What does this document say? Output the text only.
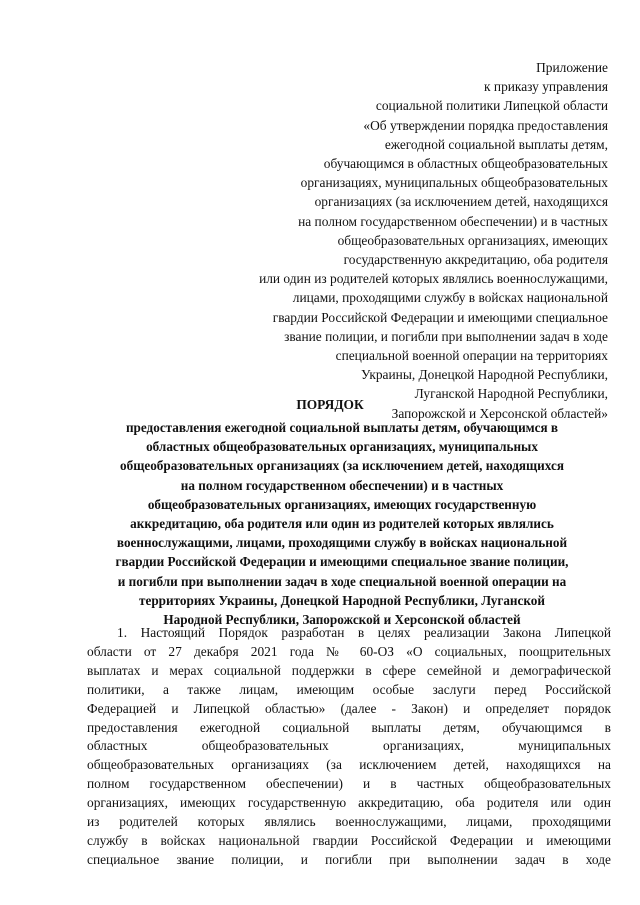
Приложение
к приказу управления
социальной политики Липецкой области
«Об утверждении порядка предоставления
ежегодной социальной выплаты детям,
обучающимся в областных общеобразовательных
организациях, муниципальных общеобразовательных
организациях (за исключением детей, находящихся
на полном государственном обеспечении) и в частных
общеобразовательных организациях, имеющих
государственную аккредитацию, оба родителя
или один из родителей которых являлись военнослужащими,
лицами, проходящими службу в войсках национальной
гвардии Российской Федерации и имеющими специальное
звание полиции, и погибли при выполнении задач в ходе
специальной военной операции на территориях
Украины, Донецкой Народной Республики,
Луганской Народной Республики,
Запорожской и Херсонской областей»
ПОРЯДОК
предоставления ежегодной социальной выплаты детям, обучающимся в
областных общеобразовательных организациях, муниципальных
общеобразовательных организациях (за исключением детей, находящихся
на полном государственном обеспечении) и в частных
общеобразовательных организациях, имеющих государственную
аккредитацию, оба родителя или один из родителей которых являлись
военнослужащими, лицами, проходящими службу в войсках национальной
гвардии Российской Федерации и имеющими специальное звание полиции,
и погибли при выполнении задач в ходе специальной военной операции на
территориях Украины, Донецкой Народной Республики, Луганской
Народной Республики, Запорожской и Херсонской областей
1. Настоящий Порядок разработан в целях реализации Закона Липецкой
области от 27 декабря 2021 года № 60-ОЗ «О социальных, поощрительных
выплатах и мерах социальной поддержки в сфере семейной и демографической
политики, а также лицам, имеющим особые заслуги перед Российской
Федерацией и Липецкой областью» (далее - Закон) и определяет порядок
предоставления ежегодной социальной выплаты детям, обучающимся в
областных общеобразовательных организациях, муниципальных
общеобразовательных организациях (за исключением детей, находящихся на
полном государственном обеспечении) и в частных общеобразовательных
организациях, имеющих государственную аккредитацию, оба родителя или один
из родителей которых являлись военнослужащими, лицами, проходящими
службу в войсках национальной гвардии Российской Федерации и имеющими
специальное звание полиции, и погибли при выполнении задач в ходе
